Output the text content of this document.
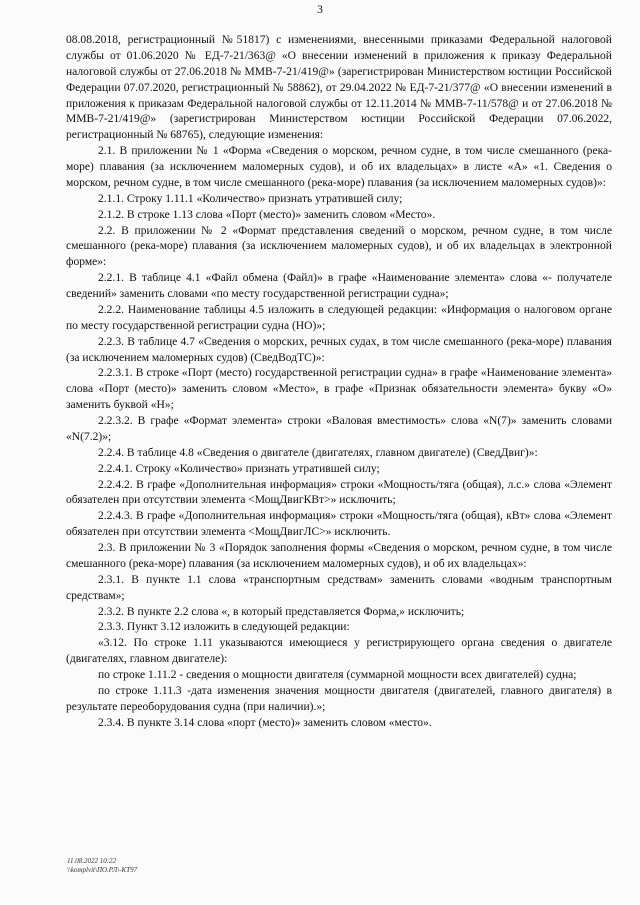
3

08.08.2018, регистрационный №51817) с изменениями, внесенными приказами Федеральной налоговой службы от 01.06.2020 № ЕД-7-21/363@ «О внесении изменений в приложения к приказу Федеральной налоговой службы от 27.06.2018 № ММВ-7-21/419@» (зарегистрирован Министерством юстиции Российской Федерации 07.07.2020, регистрационный № 58862), от 29.04.2022 № ЕД-7-21/377@ «О внесении изменений в приложения к приказам Федеральной налоговой службы от 12.11.2014 № ММВ-7-11/578@ и от 27.06.2018 № ММВ-7-21/419@» (зарегистрирован Министерством юстиции Российской Федерации 07.06.2022, регистрационный № 68765), следующие изменения:

2.1. В приложении № 1 «Форма «Сведения о морском, речном судне, в том числе смешанного (река-море) плавания (за исключением маломерных судов), и об их владельцах» в листе «А» «1. Сведения о морском, речном судне, в том числе смешанного (река-море) плавания (за исключением маломерных судов)»:

2.1.1. Строку 1.11.1 «Количество» признать утратившей силу;

2.1.2. В строке 1.13 слова «Порт (место)» заменить словом «Место».

2.2. В приложении № 2 «Формат представления сведений о морском, речном судне, в том числе смешанного (река-море) плавания (за исключением маломерных судов), и об их владельцах в электронной форме»:

2.2.1. В таблице 4.1 «Файл обмена (Файл)» в графе «Наименование элемента» слова «- получателе сведений» заменить словами «по месту государственной регистрации судна»;

2.2.2. Наименование таблицы 4.5 изложить в следующей редакции: «Информация о налоговом органе по месту государственной регистрации судна (НО)»;

2.2.3. В таблице 4.7 «Сведения о морских, речных судах, в том числе смешанного (река-море) плавания (за исключением маломерных судов) (СведВодТС)»:

2.2.3.1. В строке «Порт (место) государственной регистрации судна» в графе «Наименование элемента» слова «Порт (место)» заменить словом «Место», в графе «Признак обязательности элемента» букву «О» заменить буквой «Н»;

2.2.3.2. В графе «Формат элемента» строки «Валовая вместимость» слова «N(7)» заменить словами «N(7.2)»;

2.2.4. В таблице 4.8 «Сведения о двигателе (двигателях, главном двигателе) (СведДвиг)»:

2.2.4.1. Строку «Количество» признать утратившей силу;

2.2.4.2. В графе «Дополнительная информация» строки «Мощность/тяга (общая), л.с.» слова «Элемент обязателен при отсутствии элемента <МощДвигКВт>» исключить;

2.2.4.3. В графе «Дополнительная информация» строки «Мощность/тяга (общая), кВт» слова «Элемент обязателен при отсутствии элемента <МощДвигЛС>» исключить.

2.3. В приложении № 3 «Порядок заполнения формы «Сведения о морском, речном судне, в том числе смешанного (река-море) плавания (за исключением маломерных судов), и об их владельцах»:

2.3.1. В пункте 1.1 слова «транспортным средствам» заменить словами «водным транспортным средствам»;

2.3.2. В пункте 2.2 слова «, в который представляется Форма,» исключить;

2.3.3. Пункт 3.12 изложить в следующей редакции:

«3.12. По строке 1.11 указываются имеющиеся у регистрирующего органа сведения о двигателе (двигателях, главном двигателе):

по строке 1.11.2 - сведения о мощности двигателя (суммарной мощности всех двигателей) судна;

по строке 1.11.3 -дата изменения значения мощности двигателя (двигателей, главного двигателя) в результате переоборудования судна (при наличии).»;

2.3.4. В пункте 3.14 слова «порт (место)» заменить словом «место».

11.08.2022 10:22
\\komplvit\ПО.РЛ\-КТ97
